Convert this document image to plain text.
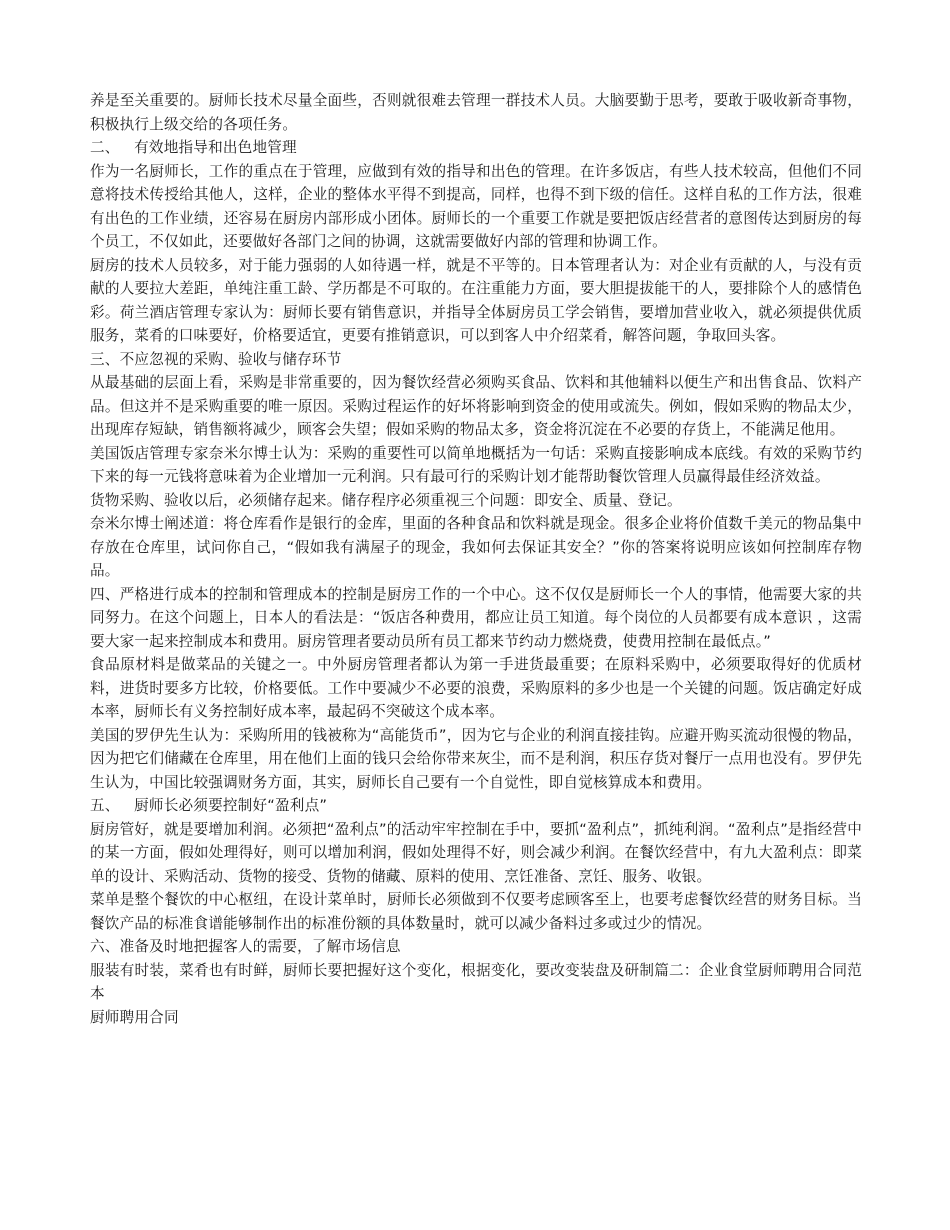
养是至关重要的。厨师长技术尽量全面些，否则就很难去管理一群技术人员。大脑要勤于思考，要敢于吸收新奇事物，积极执行上级交给的各项任务。

二、   有效地指导和出色地管理

作为一名厨师长，工作的重点在于管理，应做到有效的指导和出色的管理。在许多饭店，有些人技术较高，但他们不同意将技术传授给其他人，这样，企业的整体水平得不到提高，同样，也得不到下级的信任。这样自私的工作方法，很难有出色的工作业绩，还容易在厨房内部形成小团体。厨师长的一个重要工作就是要把饭店经营者的意图传达到厨房的每个员工，不仅如此，还要做好各部门之间的协调，这就需要做好内部的管理和协调工作。

厨房的技术人员较多，对于能力强弱的人如待遇一样，就是不平等的。日本管理者认为：对企业有贡献的人，与没有贡献的人要拉大差距，单纯注重工龄、学历都是不可取的。在注重能力方面，要大胆提拔能干的人，要排除个人的感情色彩。荷兰酒店管理专家认为：厨师长要有销售意识，并指导全体厨房员工学会销售，要增加营业收入，就必须提供优质服务，菜肴的口味要好，价格要适宜，更要有推销意识，可以到客人中介绍菜肴，解答问题，争取回头客。

三、不应忽视的采购、验收与储存环节

从最基础的层面上看，采购是非常重要的，因为餐饮经营必须购买食品、饮料和其他辅料以便生产和出售食品、饮料产品。但这并不是采购重要的唯一原因。采购过程运作的好坏将影响到资金的使用或流失。例如，假如采购的物品太少，出现库存短缺，销售额将减少，顾客会失望；假如采购的物品太多，资金将沉淀在不必要的存货上，不能满足他用。

美国饭店管理专家奈米尔博士认为：采购的重要性可以简单地概括为一句话：采购直接影响成本底线。有效的采购节约下来的每一元钱将意味着为企业增加一元利润。只有最可行的采购计划才能帮助餐饮管理人员赢得最佳经济效益。

货物采购、验收以后，必须储存起来。储存程序必须重视三个问题：即安全、质量、登记。

奈米尔博士阐述道：将仓库看作是银行的金库，里面的各种食品和饮料就是现金。很多企业将价值数千美元的物品集中存放在仓库里，试问你自己，“假如我有满屋子的现金，我如何去保证其安全？”你的答案将说明应该如何控制库存物品。

四、严格进行成本的控制和管理成本的控制是厨房工作的一个中心。这不仅仅是厨师长一个人的事情，他需要大家的共同努力。在这个问题上，日本人的看法是：“饭店各种费用，都应让员工知道。每个岗位的人员都要有成本意识 ，这需要大家一起来控制成本和费用。厨房管理者要动员所有员工都来节约动力燃烧费，使费用控制在最低点。”

食品原材料是做菜品的关键之一。中外厨房管理者都认为第一手进货最重要；在原料采购中，必须要取得好的优质材料，进货时要多方比较，价格要低。工作中要减少不必要的浪费，采购原料的多少也是一个关键的问题。饭店确定好成本率，厨师长有义务控制好成本率，最起码不突破这个成本率。

美国的罗伊先生认为：采购所用的钱被称为“高能货币”，因为它与企业的利润直接挂钩。应避开购买流动很慢的物品，因为把它们储藏在仓库里，用在他们上面的钱只会给你带来灰尘，而不是利润，积压存货对餐厅一点用也没有。罗伊先生认为，中国比较强调财务方面，其实，厨师长自己要有一个自觉性，即自觉核算成本和费用。

五、   厨师长必须要控制好“盈利点”

厨房管好，就是要增加利润。必须把“盈利点”的活动牢牢控制在手中，要抓“盈利点”，抓纯利润。“盈利点”是指经营中的某一方面，假如处理得好，则可以增加利润，假如处理得不好，则会减少利润。在餐饮经营中，有九大盈利点：即菜单的设计、采购活动、货物的接受、货物的储藏、原料的使用、烹饪准备、烹饪、服务、收银。

菜单是整个餐饮的中心枢纽，在设计菜单时，厨师长必须做到不仅要考虑顾客至上，也要考虑餐饮经营的财务目标。当餐饮产品的标准食谱能够制作出的标准份额的具体数量时，就可以减少备料过多或过少的情况。

六、准备及时地把握客人的需要，了解市场信息

服装有时装，菜肴也有时鲜，厨师长要把握好这个变化，根据变化，要改变装盘及研制篇二：企业食堂厨师聘用合同范本

厨师聘用合同
